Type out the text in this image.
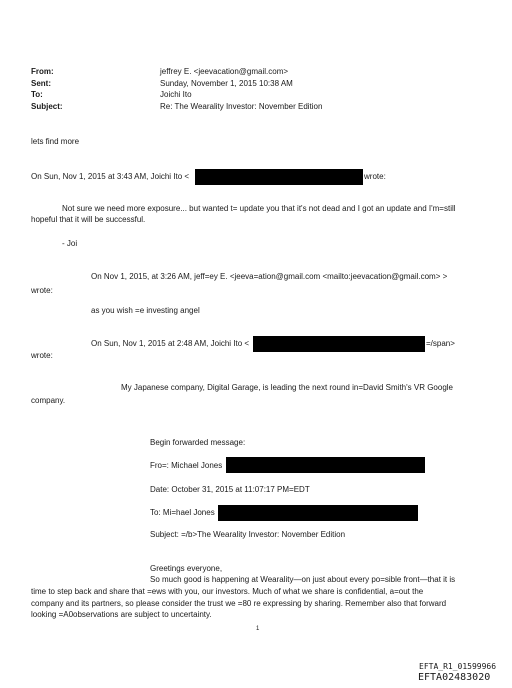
From:	jeffrey E. <jeevacation@gmail.com>
Sent:	Sunday, November 1, 2015 10:38 AM
To:	Joichi Ito
Subject:	Re: The Wearality Investor: November Edition
lets find more
On Sun, Nov 1, 2015 at 3:43 AM, Joichi Ito <	wrote:
Not sure we need more exposure... but wanted t= update you that it's not dead and I got an update and I'm=still
hopeful that it will be successful.
- Joi
On Nov 1, 2015, at 3:26 AM, jeff=ey E. <jeeva=ation@gmail.com <mailto:jeevacation@gmail.com> >
wrote:
as you wish =e investing angel
On Sun, Nov 1, 2015 at 2:48 AM, Joichi Ito <	=/span>
wrote:
My Japanese company, Digital Garage, is leading the next round in=David Smith's VR Google
company.
Begin forwarded message:
Fro=: Michael Jones
Date: October 31, 2015 at 11:07:17 PM=EDT
To: Mi=hael Jones
Subject: =/b>The Wearality Investor: November Edition
Greetings everyone,
So much good is happening at Wearality—on just about every po=sible front—that it is
time to step back and share that =ews with you, our investors. Much of what we share is confidential, a=out the
company and its partners, so please consider the trust we =80 re expressing by sharing. Remember also that forward
looking =A0observations are subject to uncertainty.
1
EFTA_R1_01599966
EFTA02483020
